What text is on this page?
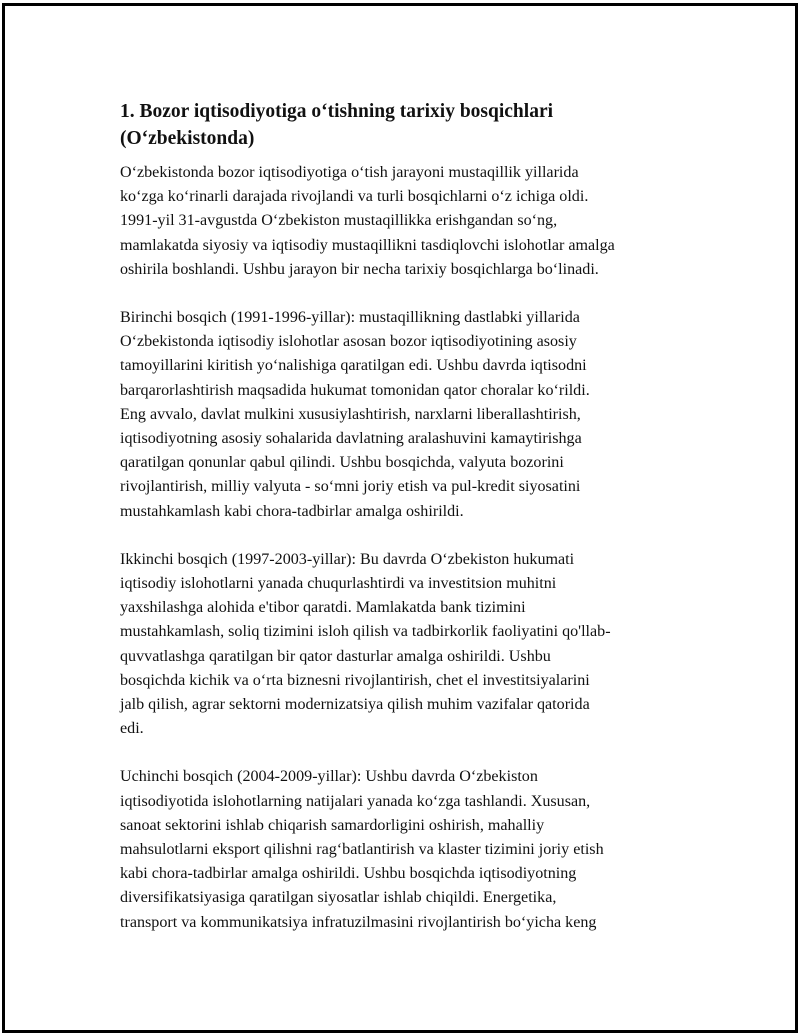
1. Bozor iqtisodiyotiga o‘tishning tarixiy bosqichlari
(O‘zbekistonda)

O‘zbekistonda bozor iqtisodiyotiga o‘tish jarayoni mustaqillik yillarida
ko‘zga ko‘rinarli darajada rivojlandi va turli bosqichlarni o‘z ichiga oldi.
1991-yil 31-avgustda O‘zbekiston mustaqillikka erishgandan so‘ng,
mamlakatda siyosiy va iqtisodiy mustaqillikni tasdiqlovchi islohotlar amalga
oshirila boshlandi. Ushbu jarayon bir necha tarixiy bosqichlarga bo‘linadi.

Birinchi bosqich (1991-1996-yillar): mustaqillikning dastlabki yillarida
O‘zbekistonda iqtisodiy islohotlar asosan bozor iqtisodiyotining asosiy
tamoyillarini kiritish yo‘nalishiga qaratilgan edi. Ushbu davrda iqtisodni
barqarorlashtirish maqsadida hukumat tomonidan qator choralar ko‘rildi.
Eng avvalo, davlat mulkini xususiylashtirish, narxlarni liberallashtirish,
iqtisodiyotning asosiy sohalarida davlatning aralashuvini kamaytirishga
qaratilgan qonunlar qabul qilindi. Ushbu bosqichda, valyuta bozorini
rivojlantirish, milliy valyuta - so‘mni joriy etish va pul-kredit siyosatini
mustahkamlash kabi chora-tadbirlar amalga oshirildi.

Ikkinchi bosqich (1997-2003-yillar): Bu davrda O‘zbekiston hukumati
iqtisodiy islohotlarni yanada chuqurlashtirdi va investitsion muhitni
yaxshilashga alohida e'tibor qaratdi. Mamlakatda bank tizimini
mustahkamlash, soliq tizimini isloh qilish va tadbirkorlik faoliyatini qo'llab-
quvvatlashga qaratilgan bir qator dasturlar amalga oshirildi. Ushbu
bosqichda kichik va o‘rta biznesni rivojlantirish, chet el investitsiyalarini
jalb qilish, agrar sektorni modernizatsiya qilish muhim vazifalar qatorida
edi.

Uchinchi bosqich (2004-2009-yillar): Ushbu davrda O‘zbekiston
iqtisodiyotida islohotlarning natijalari yanada ko‘zga tashlandi. Xususan,
sanoat sektorini ishlab chiqarish samardorligini oshirish, mahalliy
mahsulotlarni eksport qilishni rag‘batlantirish va klaster tizimini joriy etish
kabi chora-tadbirlar amalga oshirildi. Ushbu bosqichda iqtisodiyotning
diversifikatsiyasiga qaratilgan siyosatlar ishlab chiqildi. Energetika,
transport va kommunikatsiya infratuzilmasini rivojlantirish bo‘yicha keng
